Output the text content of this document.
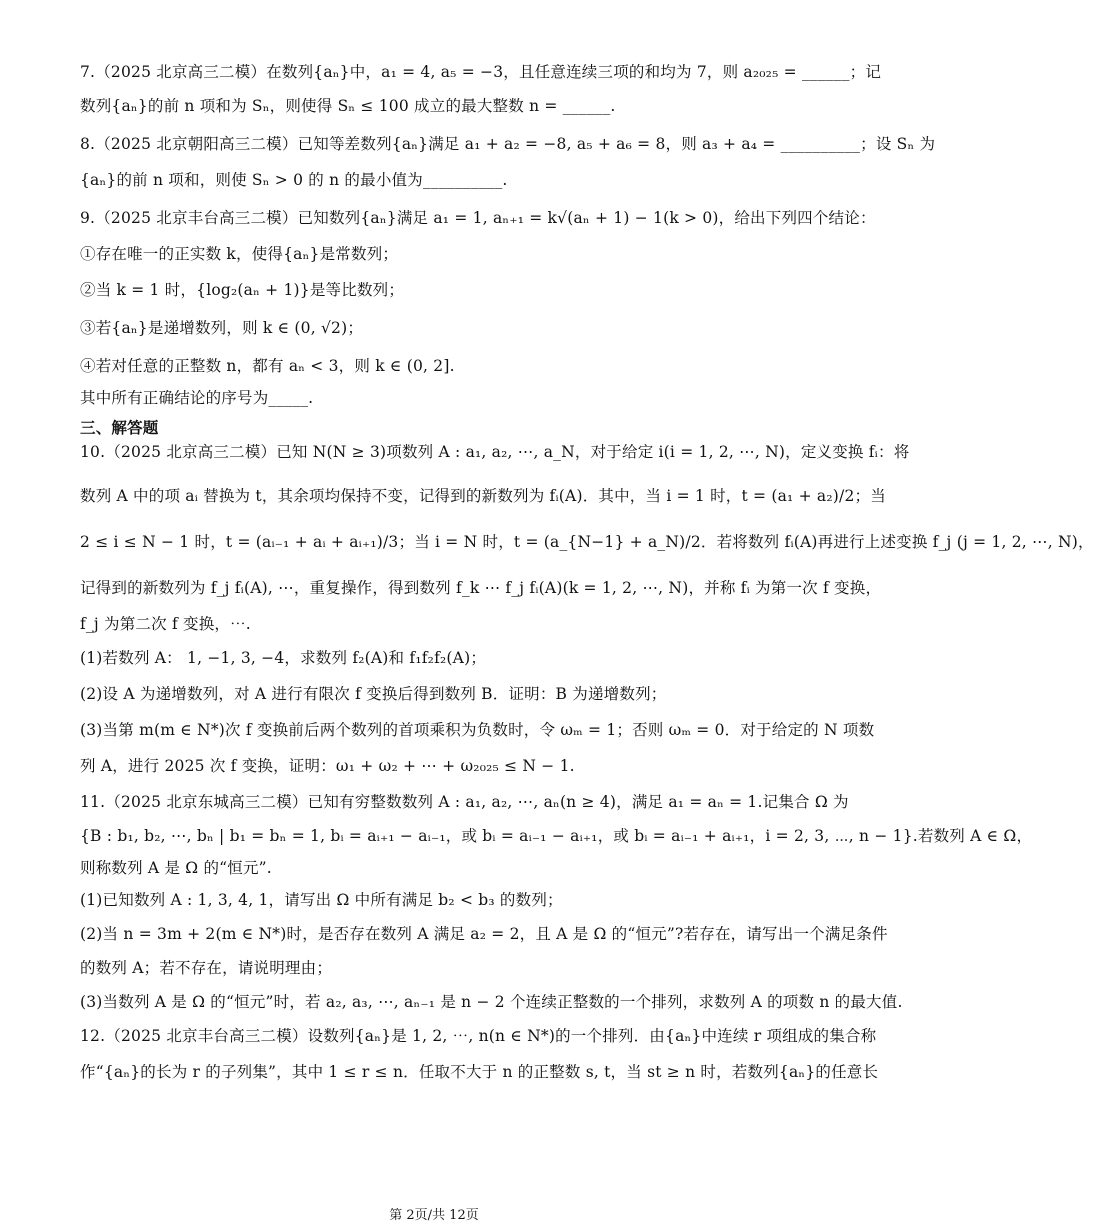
7.（2025 北京高三二模）在数列{aₙ}中，a₁ = 4, a₅ = −3，且任意连续三项的和均为 7，则 a₂₀₂₅ = ______；记
数列{aₙ}的前 n 项和为 Sₙ，则使得 Sₙ ≤ 100 成立的最大整数 n = ______.
8.（2025 北京朝阳高三二模）已知等差数列{aₙ}满足 a₁ + a₂ = −8, a₅ + a₆ = 8，则 a₃ + a₄ = __________；设 Sₙ 为
{aₙ}的前 n 项和，则使 Sₙ > 0 的 n 的最小值为__________.
9.（2025 北京丰台高三二模）已知数列{aₙ}满足 a₁ = 1, aₙ₊₁ = k√(aₙ + 1) − 1(k > 0)，给出下列四个结论：
①存在唯一的正实数 k，使得{aₙ}是常数列；
②当 k = 1 时，{log₂(aₙ + 1)}是等比数列；
③若{aₙ}是递增数列，则 k ∈ (0, √2)；
④若对任意的正整数 n，都有 aₙ < 3，则 k ∈ (0, 2].
其中所有正确结论的序号为_____.
三、解答题
10.（2025 北京高三二模）已知 N(N ≥ 3)项数列 A : a₁, a₂, ⋯, a_N，对于给定 i(i = 1, 2, ⋯, N)，定义变换 fᵢ：将
数列 A 中的项 aᵢ 替换为 t，其余项均保持不变，记得到的新数列为 fᵢ(A)．其中，当 i = 1 时，t = (a₁ + a₂)/2；当
2 ≤ i ≤ N − 1 时，t = (aᵢ₋₁ + aᵢ + aᵢ₊₁)/3；当 i = N 时，t = (a_{N−1} + a_N)/2．若将数列 fᵢ(A)再进行上述变换 f_j (j = 1, 2, ⋯, N)，
记得到的新数列为 f_j fᵢ(A), ⋯，重复操作，得到数列 f_k ⋯ f_j fᵢ(A)(k = 1, 2, ⋯, N)，并称 fᵢ 为第一次 f 变换，
f_j 为第二次 f 变换，⋯.
(1)若数列 A： 1, −1, 3, −4，求数列 f₂(A)和 f₁f₂f₂(A)；
(2)设 A 为递增数列，对 A 进行有限次 f 变换后得到数列 B．证明：B 为递增数列；
(3)当第 m(m ∈ N*)次 f 变换前后两个数列的首项乘积为负数时，令 ωₘ = 1；否则 ωₘ = 0．对于给定的 N 项数
列 A，进行 2025 次 f 变换，证明：ω₁ + ω₂ + ⋯ + ω₂₀₂₅ ≤ N − 1.
11.（2025 北京东城高三二模）已知有穷整数数列 A : a₁, a₂, ⋯, aₙ(n ≥ 4)，满足 a₁ = aₙ = 1.记集合 Ω 为
{B : b₁, b₂, ⋯, bₙ | b₁ = bₙ = 1, bᵢ = aᵢ₊₁ − aᵢ₋₁，或 bᵢ = aᵢ₋₁ − aᵢ₊₁，或 bᵢ = aᵢ₋₁ + aᵢ₊₁，i = 2, 3, ⋯, n − 1}.若数列 A ∈ Ω，
则称数列 A 是 Ω 的“恒元”.
(1)已知数列 A : 1, 3, 4, 1，请写出 Ω 中所有满足 b₂ < b₃ 的数列；
(2)当 n = 3m + 2(m ∈ N*)时，是否存在数列 A 满足 a₂ = 2，且 A 是 Ω 的“恒元”?若存在，请写出一个满足条件
的数列 A；若不存在，请说明理由；
(3)当数列 A 是 Ω 的“恒元”时，若 a₂, a₃, ⋯, aₙ₋₁ 是 n − 2 个连续正整数的一个排列，求数列 A 的项数 n 的最大值.
12.（2025 北京丰台高三二模）设数列{aₙ}是 1, 2, ⋯, n(n ∈ N*)的一个排列．由{aₙ}中连续 r 项组成的集合称
作“{aₙ}的长为 r 的子列集”，其中 1 ≤ r ≤ n．任取不大于 n 的正整数 s, t，当 st ≥ n 时，若数列{aₙ}的任意长
第 2页/共 12页
